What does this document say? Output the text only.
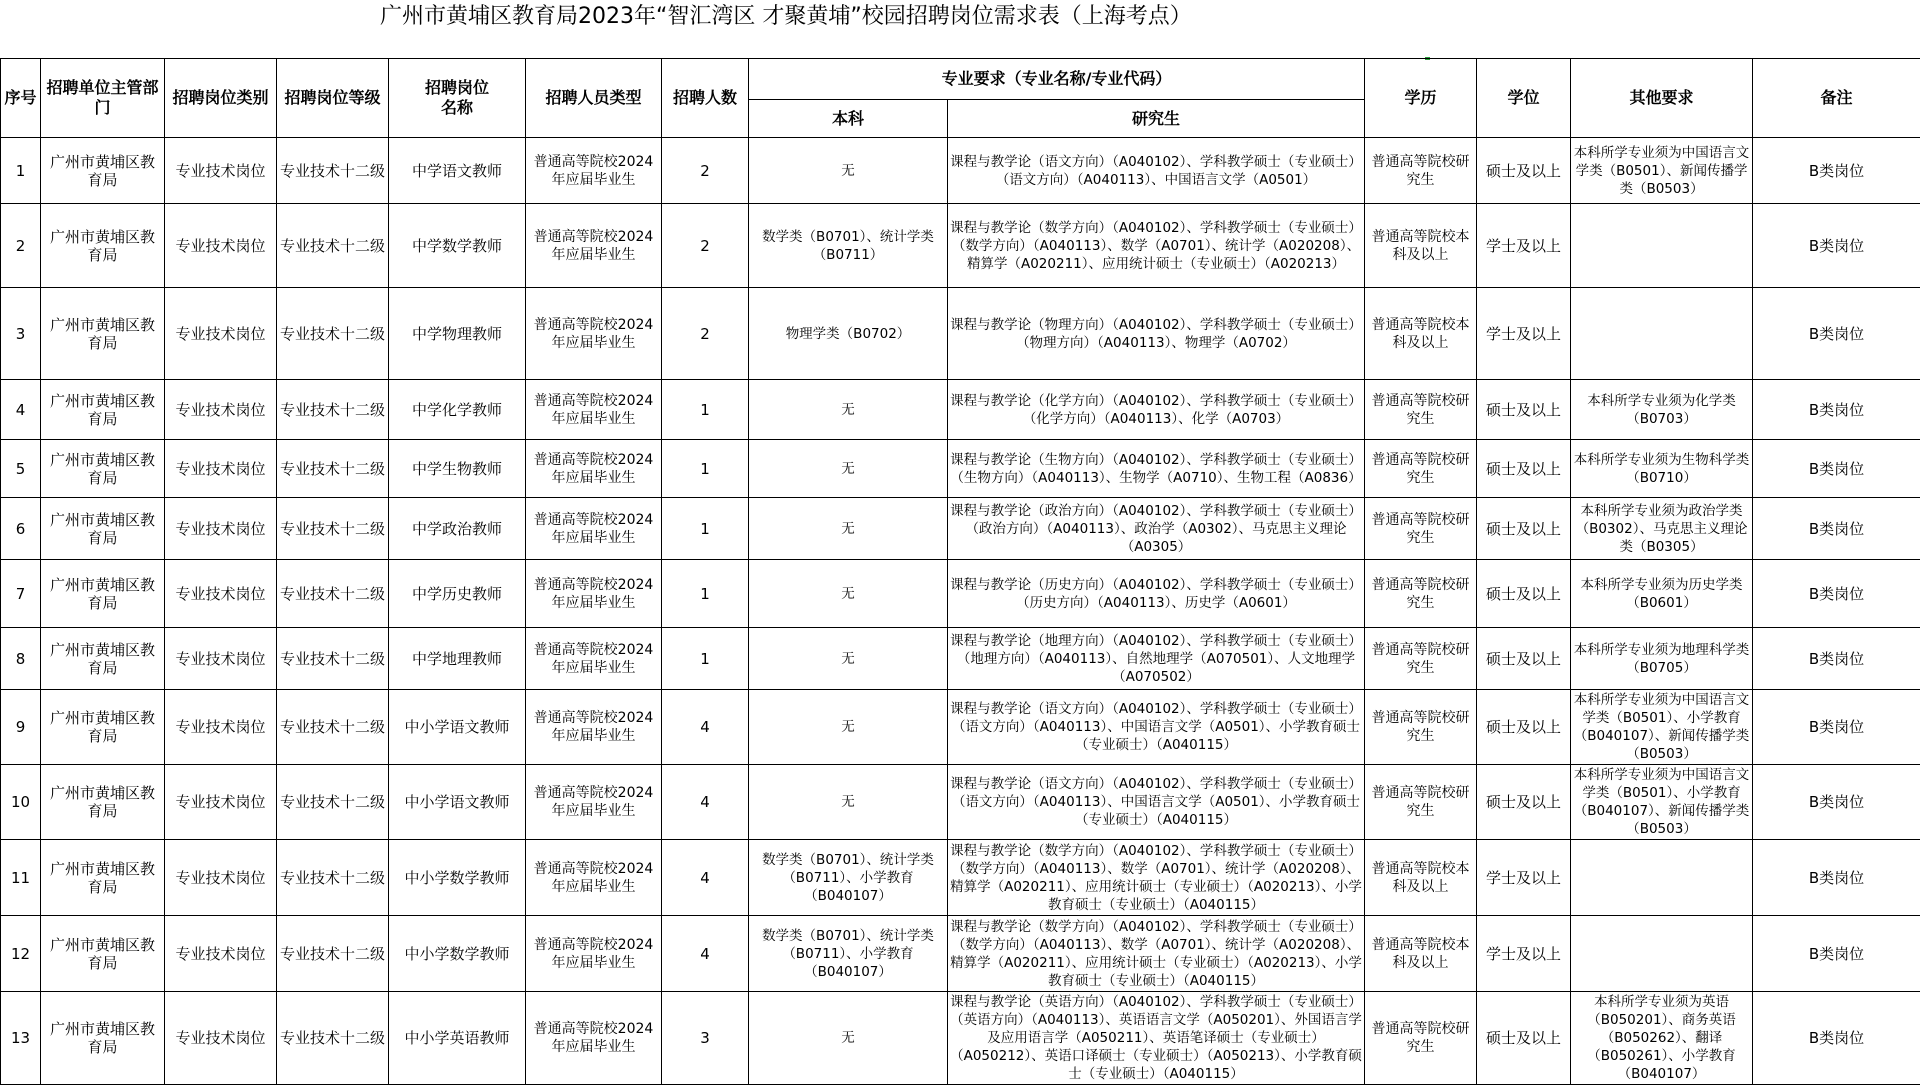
广州市黄埔区教育局2023年“智汇湾区 才聚黄埔”校园招聘岗位需求表（上海考点）
序号	招聘单位主管部门	招聘岗位类别	招聘岗位等级	招聘岗位名称	招聘人员类型	招聘人数	专业要求（专业名称/专业代码）		学历	学位	其他要求	备注
							本科	研究生				
1	广州市黄埔区教育局	专业技术岗位	专业技术十二级	中学语文教师	普通高等院校2024年应届毕业生	2	无	课程与教学论（语文方向）（A040102）、学科教学硕士（专业硕士）（语文方向）（A040113）、中国语言文学（A0501）	普通高等院校研究生	硕士及以上	本科所学专业须为中国语言文学类（B0501）、新闻传播学类（B0503）	B类岗位
2	广州市黄埔区教育局	专业技术岗位	专业技术十二级	中学数学教师	普通高等院校2024年应届毕业生	2	数学类（B0701）、统计学类（B0711）	课程与教学论（数学方向）（A040102）、学科教学硕士（专业硕士）（数学方向）（A040113）、数学（A0701）、统计学（A020208）、精算学（A020211）、应用统计硕士（专业硕士）（A020213）	普通高等院校本科及以上	学士及以上		B类岗位
3	广州市黄埔区教育局	专业技术岗位	专业技术十二级	中学物理教师	普通高等院校2024年应届毕业生	2	物理学类（B0702）	课程与教学论（物理方向）（A040102）、学科教学硕士（专业硕士）（物理方向）（A040113）、物理学（A0702）	普通高等院校本科及以上	学士及以上		B类岗位
4	广州市黄埔区教育局	专业技术岗位	专业技术十二级	中学化学教师	普通高等院校2024年应届毕业生	1	无	课程与教学论（化学方向）（A040102）、学科教学硕士（专业硕士）（化学方向）（A040113）、化学（A0703）	普通高等院校研究生	硕士及以上	本科所学专业须为化学类（B0703）	B类岗位
5	广州市黄埔区教育局	专业技术岗位	专业技术十二级	中学生物教师	普通高等院校2024年应届毕业生	1	无	课程与教学论（生物方向）（A040102）、学科教学硕士（专业硕士）（生物方向）（A040113）、生物学（A0710）、生物工程（A0836）	普通高等院校研究生	硕士及以上	本科所学专业须为生物科学类（B0710）	B类岗位
6	广州市黄埔区教育局	专业技术岗位	专业技术十二级	中学政治教师	普通高等院校2024年应届毕业生	1	无	课程与教学论（政治方向）（A040102）、学科教学硕士（专业硕士）（政治方向）（A040113）、政治学（A0302）、马克思主义理论（A0305）	普通高等院校研究生	硕士及以上	本科所学专业须为政治学类（B0302）、马克思主义理论类（B0305）	B类岗位
7	广州市黄埔区教育局	专业技术岗位	专业技术十二级	中学历史教师	普通高等院校2024年应届毕业生	1	无	课程与教学论（历史方向）（A040102）、学科教学硕士（专业硕士）（历史方向）（A040113）、历史学（A0601）	普通高等院校研究生	硕士及以上	本科所学专业须为历史学类（B0601）	B类岗位
8	广州市黄埔区教育局	专业技术岗位	专业技术十二级	中学地理教师	普通高等院校2024年应届毕业生	1	无	课程与教学论（地理方向）（A040102）、学科教学硕士（专业硕士）（地理方向）（A040113）、自然地理学（A070501）、人文地理学（A070502）	普通高等院校研究生	硕士及以上	本科所学专业须为地理科学类（B0705）	B类岗位
9	广州市黄埔区教育局	专业技术岗位	专业技术十二级	中小学语文教师	普通高等院校2024年应届毕业生	4	无	课程与教学论（语文方向）（A040102）、学科教学硕士（专业硕士）（语文方向）（A040113）、中国语言文学（A0501）、小学教育硕士（专业硕士）（A040115）	普通高等院校研究生	硕士及以上	本科所学专业须为中国语言文学类（B0501）、小学教育（B040107）、新闻传播学类（B0503）	B类岗位
10	广州市黄埔区教育局	专业技术岗位	专业技术十二级	中小学语文教师	普通高等院校2024年应届毕业生	4	无	课程与教学论（语文方向）（A040102）、学科教学硕士（专业硕士）（语文方向）（A040113）、中国语言文学（A0501）、小学教育硕士（专业硕士）（A040115）	普通高等院校研究生	硕士及以上	本科所学专业须为中国语言文学类（B0501）、小学教育（B040107）、新闻传播学类（B0503）	B类岗位
11	广州市黄埔区教育局	专业技术岗位	专业技术十二级	中小学数学教师	普通高等院校2024年应届毕业生	4	数学类（B0701）、统计学类（B0711）、小学教育（B040107）	课程与教学论（数学方向）（A040102）、学科教学硕士（专业硕士）（数学方向）（A040113）、数学（A0701）、统计学（A020208）、精算学（A020211）、应用统计硕士（专业硕士）（A020213）、小学教育硕士（专业硕士）（A040115）	普通高等院校本科及以上	学士及以上		B类岗位
12	广州市黄埔区教育局	专业技术岗位	专业技术十二级	中小学数学教师	普通高等院校2024年应届毕业生	4	数学类（B0701）、统计学类（B0711）、小学教育（B040107）	课程与教学论（数学方向）（A040102）、学科教学硕士（专业硕士）（数学方向）（A040113）、数学（A0701）、统计学（A020208）、精算学（A020211）、应用统计硕士（专业硕士）（A020213）、小学教育硕士（专业硕士）（A040115）	普通高等院校本科及以上	学士及以上		B类岗位
13	广州市黄埔区教育局	专业技术岗位	专业技术十二级	中小学英语教师	普通高等院校2024年应届毕业生	3	无	课程与教学论（英语方向）（A040102）、学科教学硕士（专业硕士）（英语方向）（A040113）、英语语言文学（A050201）、外国语言学及应用语言学（A050211）、英语笔译硕士（专业硕士）（A050212）、英语口译硕士（专业硕士）（A050213）、小学教育硕士（专业硕士）（A040115）	普通高等院校研究生	硕士及以上	本科所学专业须为英语（B050201）、商务英语（B050262）、翻译（B050261）、小学教育（B040107）	B类岗位
